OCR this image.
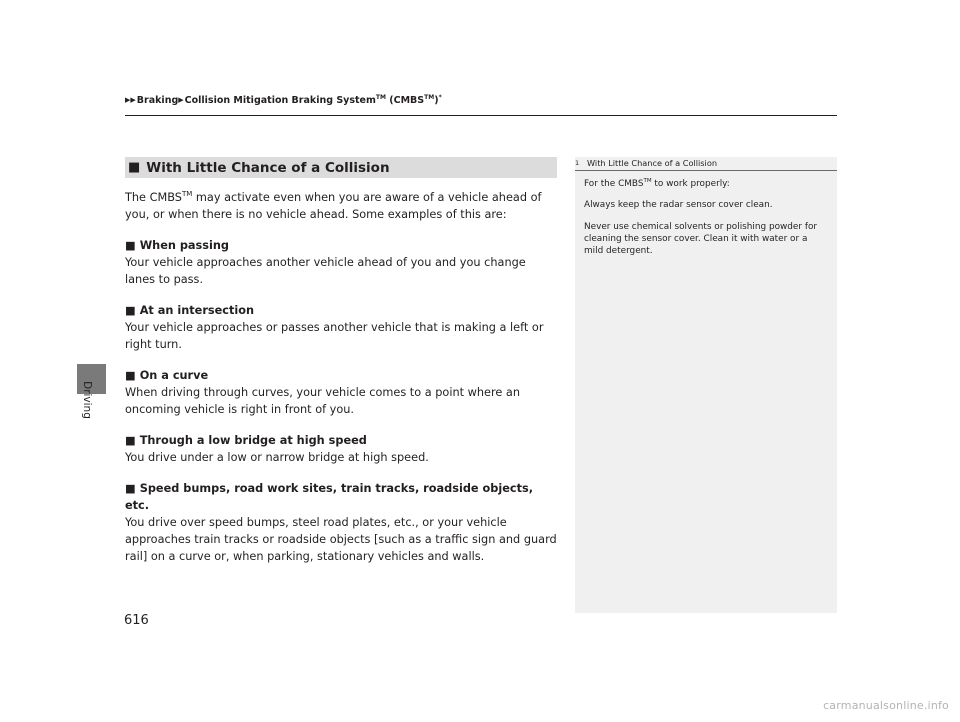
▶▶Braking▶Collision Mitigation Braking System™ (CMBS™)*
Driving
■ With Little Chance of a Collision

The CMBS™ may activate even when you are aware of a vehicle ahead of you, or when there is no vehicle ahead. Some examples of this are:

■ When passing

Your vehicle approaches another vehicle ahead of you and you change lanes to pass.

■ At an intersection

Your vehicle approaches or passes another vehicle that is making a left or right turn.

■ On a curve

When driving through curves, your vehicle comes to a point where an oncoming vehicle is right in front of you.

■ Through a low bridge at high speed

You drive under a low or narrow bridge at high speed.

■ Speed bumps, road work sites, train tracks, roadside objects, etc.

You drive over speed bumps, steel road plates, etc., or your vehicle approaches train tracks or roadside objects [such as a traffic sign and guard rail] on a curve or, when parking, stationary vehicles and walls.

1 With Little Chance of a Collision

For the CMBS™ to work properly:

Always keep the radar sensor cover clean.

Never use chemical solvents or polishing powder for cleaning the sensor cover. Clean it with water or a mild detergent.

616
carmanualsonline.info
